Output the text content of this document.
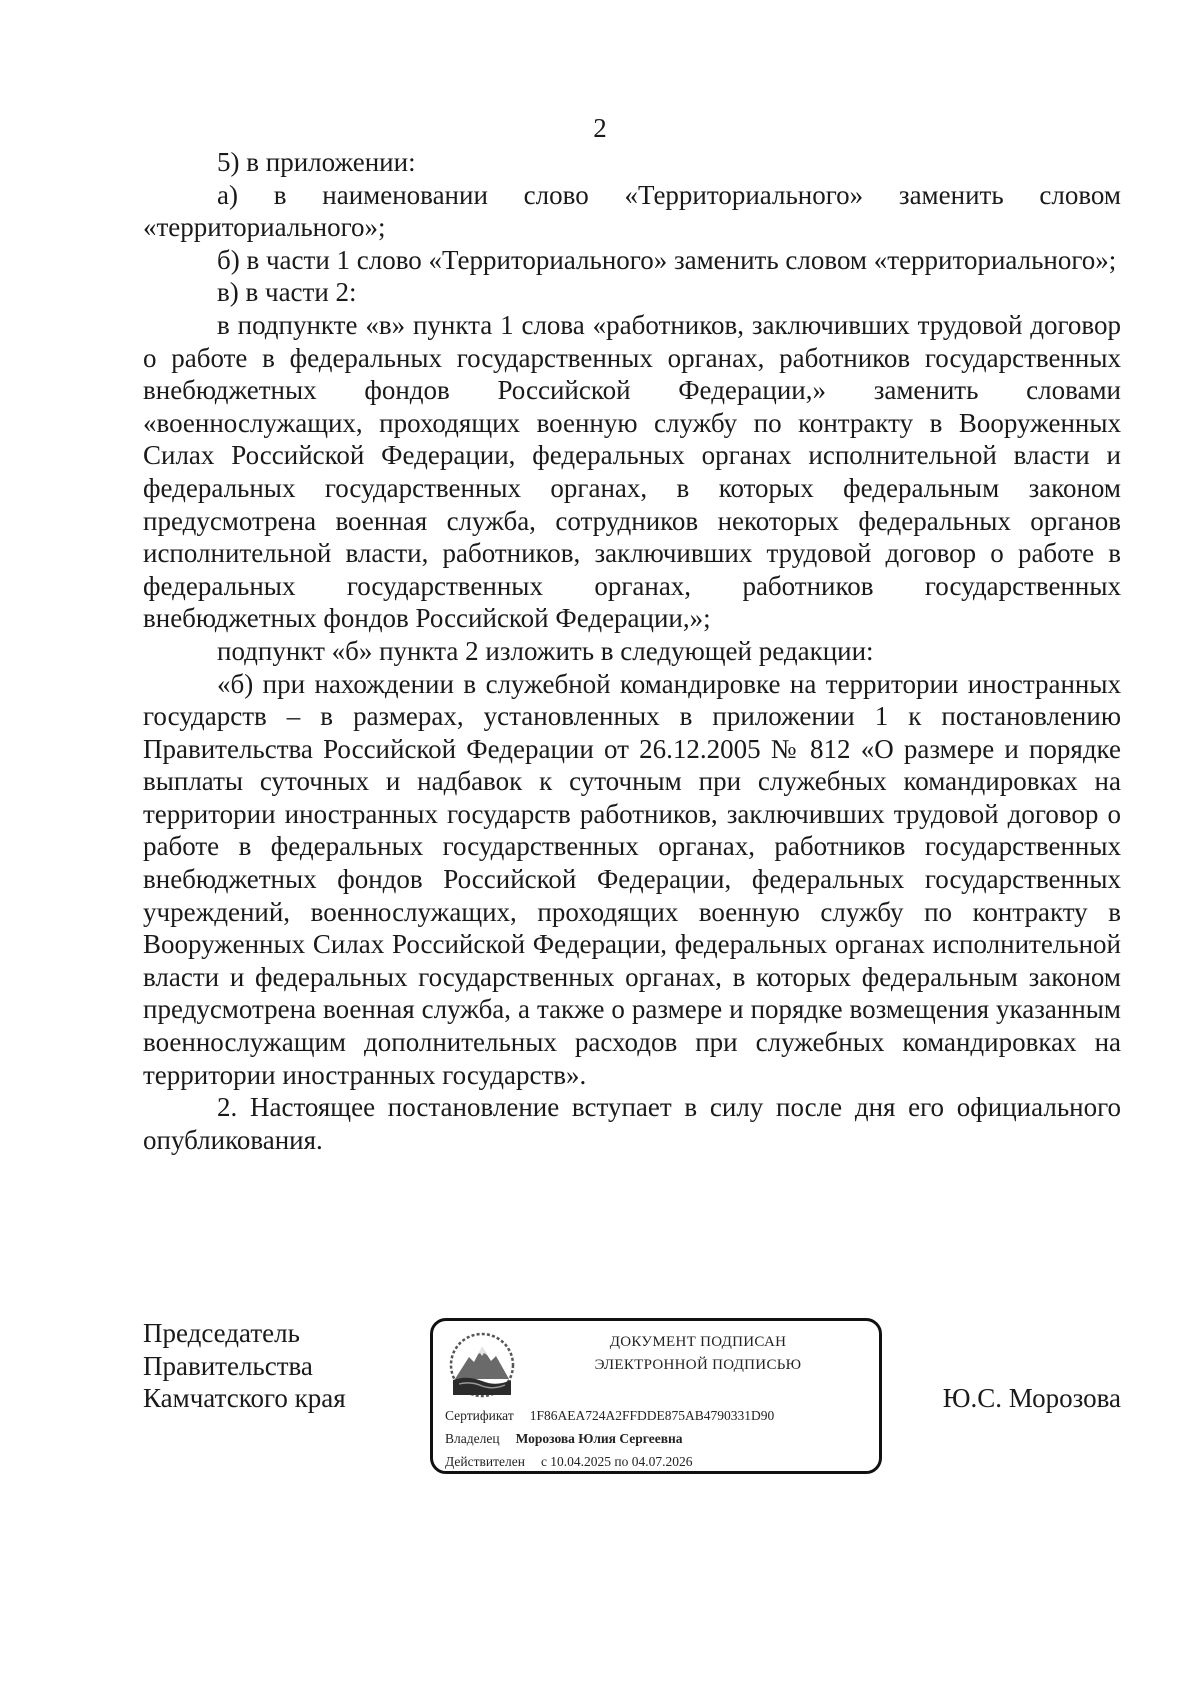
2

5) в приложении:

а) в наименовании слово «Территориального» заменить словом «территориального»;

б) в части 1 слово «Территориального» заменить словом «территориального»;

в) в части 2:

в подпункте «в» пункта 1 слова «работников, заключивших трудовой договор о работе в федеральных государственных органах, работников государственных внебюджетных фондов Российской Федерации,» заменить словами «военнослужащих, проходящих военную службу по контракту в Вооруженных Силах Российской Федерации, федеральных органах исполнительной власти и федеральных государственных органах, в которых федеральным законом предусмотрена военная служба, сотрудников некоторых федеральных органов исполнительной власти, работников, заключивших трудовой договор о работе в федеральных государственных органах, работников государственных внебюджетных фондов Российской Федерации,»;

подпункт «б» пункта 2 изложить в следующей редакции:

«б) при нахождении в служебной командировке на территории иностранных государств – в размерах, установленных в приложении 1 к постановлению Правительства Российской Федерации от 26.12.2005 № 812 «О размере и порядке выплаты суточных и надбавок к суточным при служебных командировках на территории иностранных государств работников, заключивших трудовой договор о работе в федеральных государственных органах, работников государственных внебюджетных фондов Российской Федерации, федеральных государственных учреждений, военнослужащих, проходящих военную службу по контракту в Вооруженных Силах Российской Федерации, федеральных органах исполнительной власти и федеральных государственных органах, в которых федеральным законом предусмотрена военная служба, а также о размере и порядке возмещения указанным военнослужащим дополнительных расходов при служебных командировках на территории иностранных государств».

2. Настоящее постановление вступает в силу после дня его официального опубликования.

Председатель
Правительства
Камчатского края
ДОКУМЕНТ ПОДПИСАН
ЭЛЕКТРОННОЙ ПОДПИСЬЮ
Сертификат 1F86AEA724A2FFDDE875AB4790331D90
Владелец Морозова Юлия Сергеевна
Действителен с 10.04.2025 по 04.07.2026
Ю.С. Морозова
